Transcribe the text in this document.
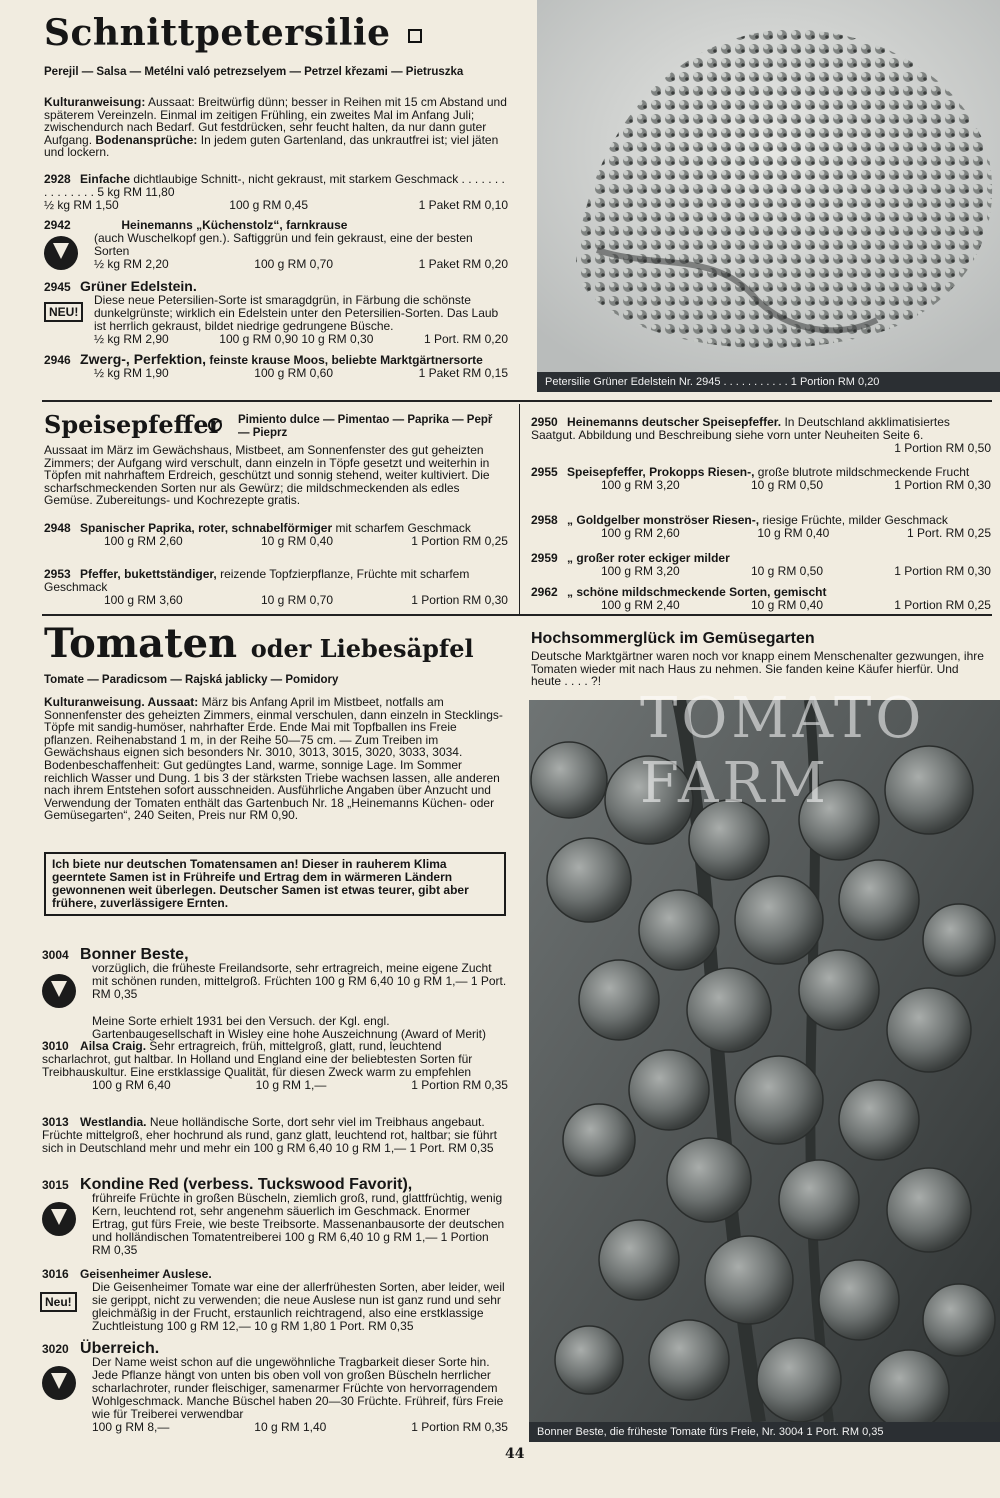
Schnittpetersilie
Perejil — Salsa — Metélni való petrezselyem — Petrzel křezami — Pietruszka
Kulturanweisung: Aussaat: Breitwürfig dünn; besser in Reihen mit 15 cm Abstand und späterem Vereinzeln. Einmal im zeitigen Frühling, ein zweites Mal im Anfang Juli; zwischendurch nach Bedarf. Gut festdrücken, sehr feucht halten, da nur dann guter Aufgang. Bodenansprüche: In jedem guten Gartenland, das unkrautfrei ist; viel jäten und lockern.
2928 Einfache dichtlaubige Schnitt-, nicht gekraust, mit starkem Geschmack . . . . . . . . . . . . . . . 5 kg RM 11,80
½ kg RM 1,50	100 g RM 0,45	1 Paket RM 0,10
2942	Heinemanns „Küchenstolz“, farnkrause
(auch Wuschelkopf gen.). Saftiggrün und fein gekraust, eine der besten Sorten
½ kg RM 2,20	100 g RM 0,70	1 Paket RM 0,20
NEU!
2945 Grüner Edelstein.
Diese neue Petersilien-Sorte ist smaragdgrün, in Färbung die schönste dunkelgrünste; wirklich ein Edelstein unter den Petersilien-Sorten. Das Laub ist herrlich gekraust, bildet niedrige gedrungene Büsche.
½ kg RM 2,90	100 g RM 0,90 10 g RM 0,30	1 Port. RM 0,20
2946 Zwerg-, Perfektion, feinste krause Moos, beliebte Marktgärtnersorte
½ kg RM 1,90	100 g RM 0,60	1 Paket RM 0,15
Petersilie Grüner Edelstein Nr. 2945 . . . . . . . . . . . 1 Portion RM 0,20
Speisepfeffer Pimiento dulce — Pimentao — Paprika — Pepř — Pieprz
Aussaat im März im Gewächshaus, Mistbeet, am Sonnenfenster des gut geheizten Zimmers; der Aufgang wird verschult, dann einzeln in Töpfe gesetzt und weiterhin in Töpfen mit nahrhaftem Erdreich, geschützt und sonnig stehend, weiter kultiviert. Die scharfschmeckenden Sorten nur als Gewürz; die mildschmeckenden als edles Gemüse. Zubereitungs- und Kochrezepte gratis.
2948 Spanischer Paprika, roter, schnabelförmiger mit scharfem Geschmack
100 g RM 2,60	10 g RM 0,40	1 Portion RM 0,25
2953 Pfeffer, bukettständiger, reizende Topfzierpflanze, Früchte mit scharfem Geschmack
100 g RM 3,60	10 g RM 0,70	1 Portion RM 0,30
2950 Heinemanns deutscher Speisepfeffer. In Deutschland akklimatisiertes Saatgut. Abbildung und Beschreibung siehe vorn unter Neuheiten Seite 6.
1 Portion RM 0,50
2955 Speisepfeffer, Prokopps Riesen-, große blutrote mildschmeckende Frucht
100 g RM 3,20	10 g RM 0,50	1 Portion RM 0,30
2958 „ Goldgelber monströser Riesen-, riesige Früchte, milder Geschmack
100 g RM 2,60	10 g RM 0,40	1 Port. RM 0,25
2959 „ großer roter eckiger milder
100 g RM 3,20	10 g RM 0,50	1 Portion RM 0,30
2962 „ schöne mildschmeckende Sorten, gemischt
100 g RM 2,40	10 g RM 0,40	1 Portion RM 0,25
Tomaten oder Liebesäpfel
Tomate — Paradicsom — Rajská jablicky — Pomidory
Kulturanweisung. Aussaat: März bis Anfang April im Mistbeet, notfalls am Sonnenfenster des geheizten Zimmers, einmal verschulen, dann einzeln in Stecklings-Töpfe mit sandig-humöser, nahrhafter Erde. Ende Mai mit Topfballen ins Freie pflanzen. Reihenabstand 1 m, in der Reihe 50—75 cm. — Zum Treiben im Gewächshaus eignen sich besonders Nr. 3010, 3013, 3015, 3020, 3033, 3034. Bodenbeschaffenheit: Gut gedüngtes Land, warme, sonnige Lage. Im Sommer reichlich Wasser und Dung. 1 bis 3 der stärksten Triebe wachsen lassen, alle anderen nach ihrem Entstehen sofort ausschneiden. Ausführliche Angaben über Anzucht und Verwendung der Tomaten enthält das Gartenbuch Nr. 18 „Heinemanns Küchen- oder Gemüsegarten“, 240 Seiten, Preis nur RM 0,90.
Ich biete nur deutschen Tomatensamen an! Dieser in rauherem Klima geerntete Samen ist in Frühreife und Ertrag dem in wärmeren Ländern gewonnenen weit überlegen. Deutscher Samen ist etwas teurer, gibt aber frühere, zuverlässigere Ernten.
3004 Bonner Beste,
vorzüglich, die früheste Freilandsorte, sehr ertragreich, meine eigene Zucht mit schönen runden, mittelgroß. Früchten 100 g RM 6,40 10 g RM 1,— 1 Port. RM 0,35
Meine Sorte erhielt 1931 bei den Versuch. der Kgl. engl. Gartenbaugesellschaft in Wisley eine hohe Auszeichnung (Award of Merit)
3010 Ailsa Craig. Sehr ertragreich, früh, mittelgroß, glatt, rund, leuchtend scharlachrot, gut haltbar. In Holland und England eine der beliebtesten Sorten für Treibhauskultur. Eine erstklassige Qualität, für diesen Zweck warm zu empfehlen
100 g RM 6,40	10 g RM 1,—	1 Portion RM 0,35
3013 Westlandia. Neue holländische Sorte, dort sehr viel im Treibhaus angebaut. Früchte mittelgroß, eher hochrund als rund, ganz glatt, leuchtend rot, haltbar; sie führt sich in Deutschland mehr und mehr ein 100 g RM 6,40 10 g RM 1,— 1 Port. RM 0,35
3015 Kondine Red (verbess. Tuckswood Favorit),
frühreife Früchte in großen Büscheln, ziemlich groß, rund, glattfrüchtig, wenig Kern, leuchtend rot, sehr angenehm säuerlich im Geschmack. Enormer Ertrag, gut fürs Freie, wie beste Treibsorte. Massenanbausorte der deutschen und holländischen Tomatentreiberei 100 g RM 6,40 10 g RM 1,— 1 Portion RM 0,35
Neu!
3016 Geisenheimer Auslese.
Die Geisenheimer Tomate war eine der allerfrühesten Sorten, aber leider, weil sie gerippt, nicht zu verwenden; die neue Auslese nun ist ganz rund und sehr gleichmäßig in der Frucht, erstaunlich reichtragend, also eine erstklassige Zuchtleistung 100 g RM 12,— 10 g RM 1,80 1 Port. RM 0,35
3020 Überreich.
Der Name weist schon auf die ungewöhnliche Tragbarkeit dieser Sorte hin. Jede Pflanze hängt von unten bis oben voll von großen Büscheln herrlicher scharlachroter, runder fleischiger, samenarmer Früchte von hervorragendem Wohlgeschmack. Manche Büschel haben 20—30 Früchte. Frühreif, fürs Freie wie für Treiberei verwendbar
100 g RM 8,—	10 g RM 1,40	1 Portion RM 0,35
Hochsommerglück im Gemüsegarten
Deutsche Marktgärtner waren noch vor knapp einem Menschenalter gezwungen, ihre Tomaten wieder mit nach Haus zu nehmen. Sie fanden keine Käufer hierfür. Und heute . . . . ?!
Bonner Beste, die früheste Tomate fürs Freie, Nr. 3004 1 Port. RM 0,35
TOMATO FARM
44
